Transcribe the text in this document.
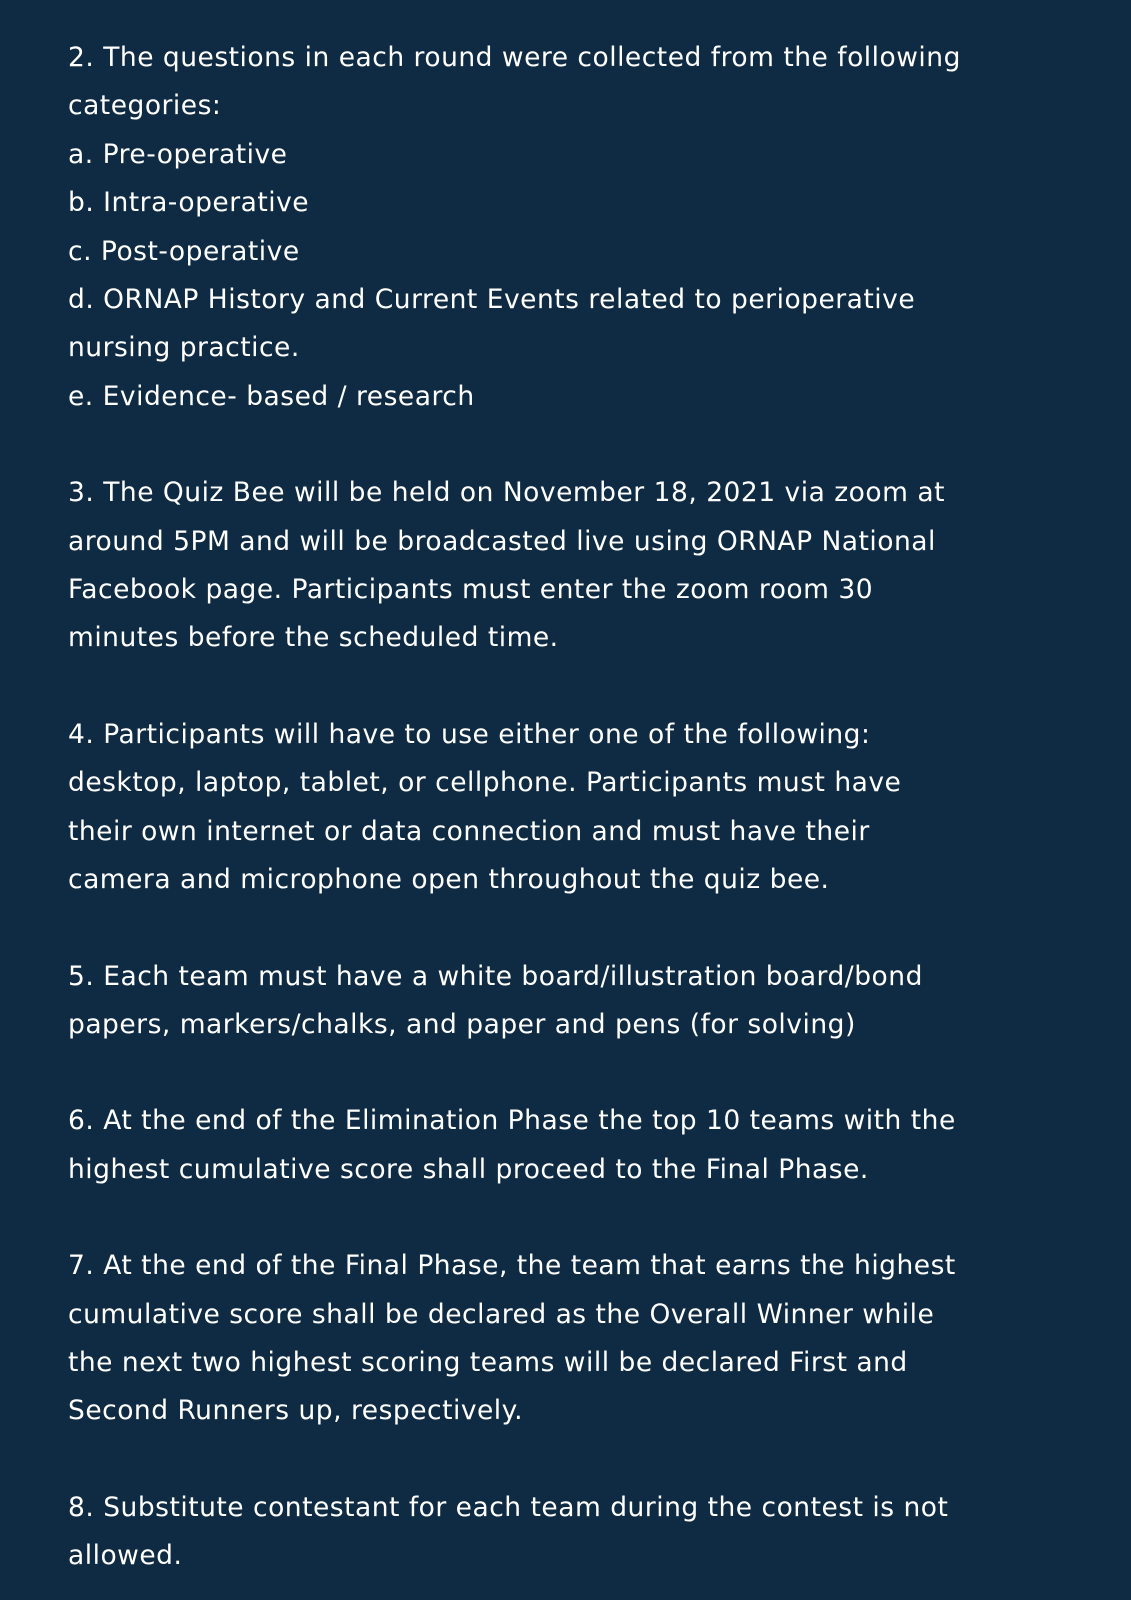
2. The questions in each round were collected from the following
categories:
a. Pre-operative
b. Intra-operative
c. Post-operative
d. ORNAP History and Current Events related to perioperative
nursing practice.
e. Evidence- based / research
3. The Quiz Bee will be held on November 18, 2021 via zoom at
around 5PM and will be broadcasted live using ORNAP National
Facebook page. Participants must enter the zoom room 30
minutes before the scheduled time.
4. Participants will have to use either one of the following:
desktop, laptop, tablet, or cellphone. Participants must have
their own internet or data connection and must have their
camera and microphone open throughout the quiz bee.
5. Each team must have a white board/illustration board/bond
papers, markers/chalks, and paper and pens (for solving)
6. At the end of the Elimination Phase the top 10 teams with the
highest cumulative score shall proceed to the Final Phase.
7. At the end of the Final Phase, the team that earns the highest
cumulative score shall be declared as the Overall Winner while
the next two highest scoring teams will be declared First and
Second Runners up, respectively.
8. Substitute contestant for each team during the contest is not
allowed.
